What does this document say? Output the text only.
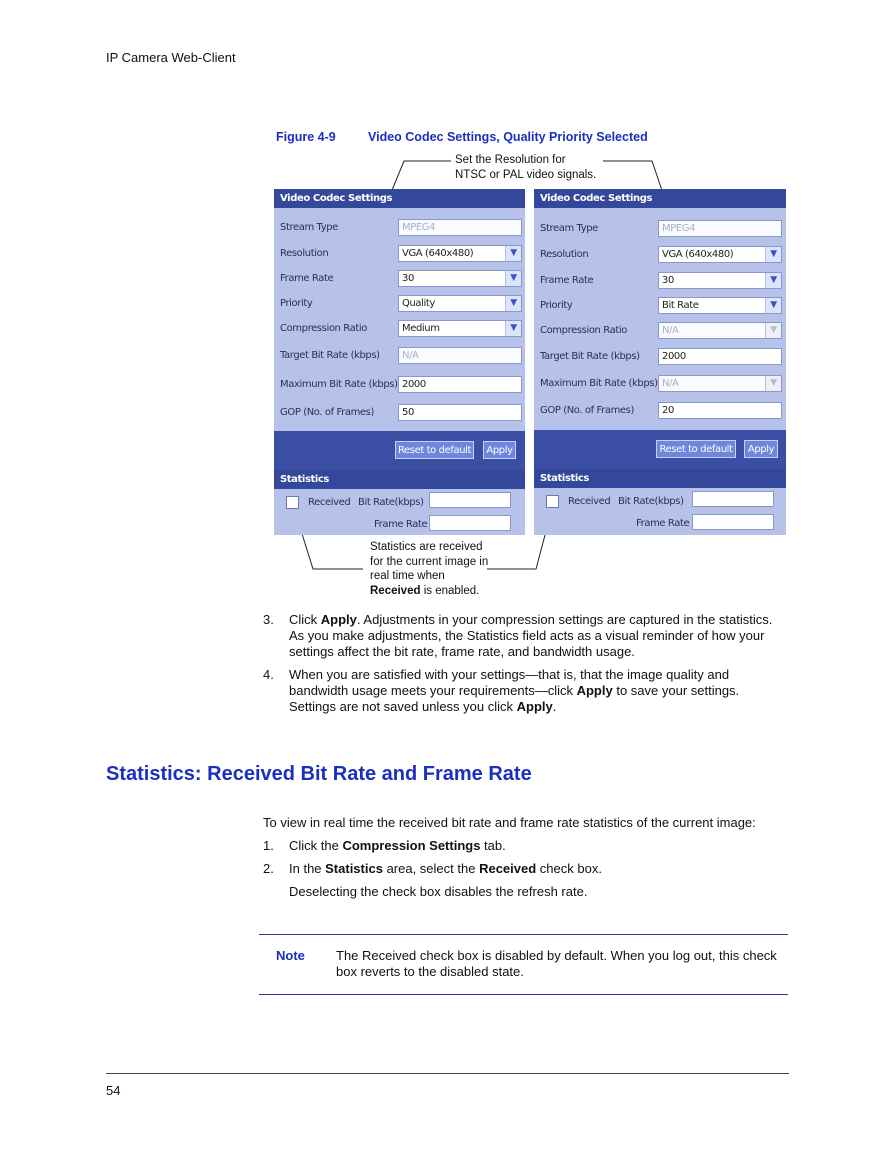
IP Camera Web-Client
Figure 4-9	Video Codec Settings, Quality Priority Selected
Set the Resolution for
NTSC or PAL video signals.
Video Codec Settings
Stream Type	MPEG4
Resolution	VGA (640x480)	▼
Frame Rate	30	▼
Priority	Quality	▼
Compression Ratio	Medium	▼
Target Bit Rate (kbps)	N/A
Maximum Bit Rate (kbps) 2000
GOP (No. of Frames)	50
Reset to default	Apply
Statistics
Received Bit Rate(kbps)
Frame Rate
Video Codec Settings
Stream Type	MPEG4
Resolution	VGA (640x480)	▼
Frame Rate	30	▼
Priority	Bit Rate	▼
Compression Ratio	N/A	▼
Target Bit Rate (kbps)	2000
Maximum Bit Rate (kbps) N/A	▼
GOP (No. of Frames)	20
Reset to default	Apply
Statistics
Received Bit Rate(kbps)
Frame Rate
Statistics are received
for the current image in
real time when
Received is enabled.
3. Click Apply. Adjustments in your compression settings are captured in the statistics. As you make adjustments, the Statistics field acts as a visual reminder of how your settings affect the bit rate, frame rate, and bandwidth usage.
4. When you are satisfied with your settings—that is, that the image quality and bandwidth usage meets your requirements—click Apply to save your settings. Settings are not saved unless you click Apply.
Statistics: Received Bit Rate and Frame Rate
To view in real time the received bit rate and frame rate statistics of the current image:
1. Click the Compression Settings tab.
2. In the Statistics area, select the Received check box.
Deselecting the check box disables the refresh rate.
Note The Received check box is disabled by default. When you log out, this check box reverts to the disabled state.
54
